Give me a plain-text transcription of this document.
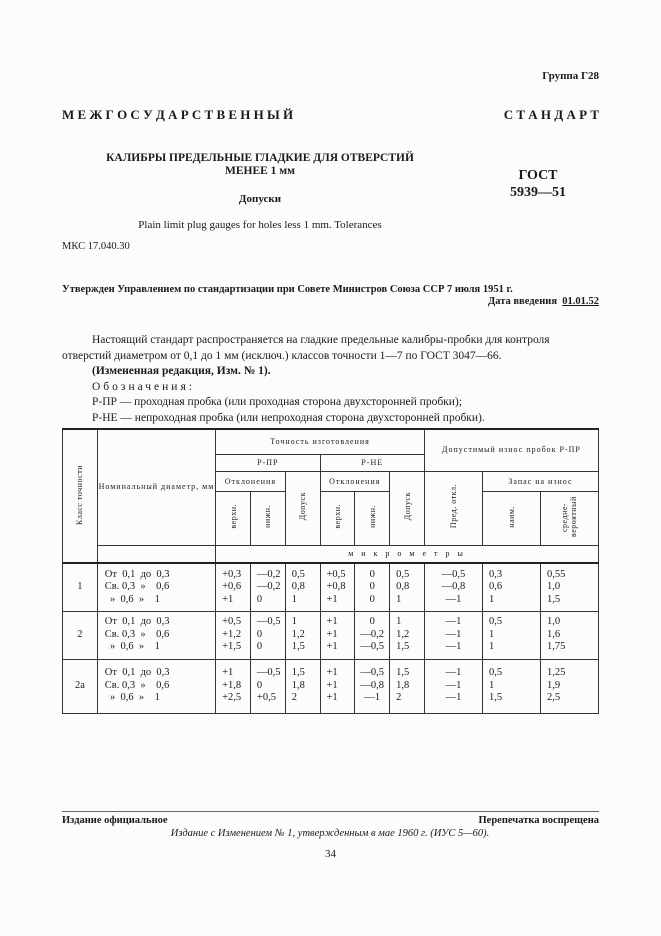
Группа Г28
М Е Ж Г О С У Д А Р С Т В Е Н Н Ы Й	С Т А Н Д А Р Т
КАЛИБРЫ ПРЕДЕЛЬНЫЕ ГЛАДКИЕ ДЛЯ ОТВЕРСТИЙ
МЕНЕЕ 1 мм
Допуски
ГОСТ
5939—51
Plain limit plug gauges for holes less 1 mm. Tolerances
МКС 17.040.30
Утвержден Управлением по стандартизации при Совете Министров Союза ССР 7 июля 1951 г.
Дата введения 01.01.52

Настоящий стандарт распространяется на гладкие предельные калибры-пробки для контроля отверстий диаметром от 0,1 до 1 мм (исключ.) классов точности 1—7 по ГОСТ 3047—66.

(Измененная редакция, Изм. № 1).

Обозначения:

Р-ПР — проходная пробка (или проходная сторона двухсторонней пробки);

Р-НЕ — непроходная пробка (или непроходная сторона двухсторонней пробки).

Класс точности	Номинальный диаметр, мм	Точность изготовления						Допустимый износ пробок Р-ПР		
		Р-ПР			Р-НЕ					
		Отклонения		Допуск	Отклонения		Допуск	Пред. откл.	Запас на износ	
		верхн.	нижн.		верхн.	нижн.			наим.	средне-вероятный

		м и к р о м е т р ы								
1	От  0,1  до  0,3
Св. 0,3  »    0,6
»  0,6  »    1	+0,3
+0,6
+1	—0,2
—0,2
0	0,5
0,8
1	+0,5
+0,8
+1	0
0
0	0,5
0,8
1	—0,5
—0,8
—1	0,3
0,6
1	0,55
1,0
1,5
2	От  0,1  до  0,3
Св. 0,3  »    0,6
»  0,6  »    1	+0,5
+1,2
+1,5	—0,5
0
0	1
1,2
1,5	+1
+1
+1	0
—0,2
—0,5	1
1,2
1,5	—1
—1
—1	0,5
1
1	1,0
1,6
1,75
2а	От  0,1  до  0,3
Св. 0,3  »    0,6
»  0,6  »    1	+1
+1,8
+2,5	—0,5
0
+0,5	1,5
1,8
2	+1
+1
+1	—0,5
—0,8
—1	1,5
1,8
2	—1
—1
—1	0,5
1
1,5	1,25
1,9
2,5
Издание официальное	Перепечатка воспрещена
Издание с Изменением № 1, утвержденным в мае 1960 г. (ИУС 5—60).
34
